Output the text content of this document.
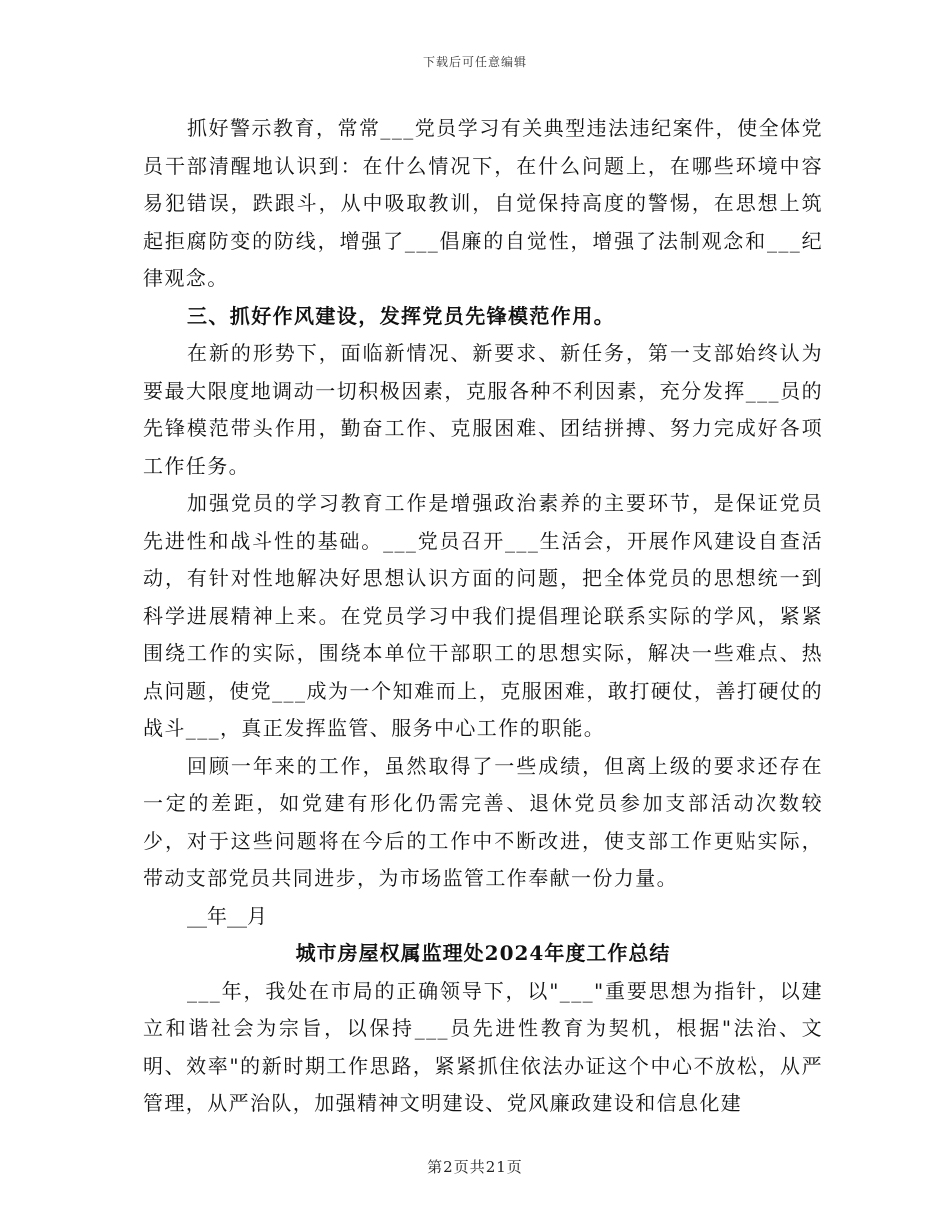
下载后可任意编辑

抓好警示教育，常常___党员学习有关典型违法违纪案件，使全体党员干部清醒地认识到：在什么情况下，在什么问题上，在哪些环境中容易犯错误，跌跟斗，从中吸取教训，自觉保持高度的警惕，在思想上筑起拒腐防变的防线，增强了___倡廉的自觉性，增强了法制观念和___纪律观念。

三、抓好作风建设，发挥党员先锋模范作用。

在新的形势下，面临新情况、新要求、新任务，第一支部始终认为要最大限度地调动一切积极因素，克服各种不利因素，充分发挥___员的先锋模范带头作用，勤奋工作、克服困难、团结拼搏、努力完成好各项工作任务。

加强党员的学习教育工作是增强政治素养的主要环节，是保证党员先进性和战斗性的基础。___党员召开___生活会，开展作风建设自查活动，有针对性地解决好思想认识方面的问题，把全体党员的思想统一到科学进展精神上来。在党员学习中我们提倡理论联系实际的学风，紧紧围绕工作的实际，围绕本单位干部职工的思想实际，解决一些难点、热点问题，使党___成为一个知难而上，克服困难，敢打硬仗，善打硬仗的战斗___，真正发挥监管、服务中心工作的职能。

回顾一年来的工作，虽然取得了一些成绩，但离上级的要求还存在一定的差距，如党建有形化仍需完善、退休党员参加支部活动次数较少，对于这些问题将在今后的工作中不断改进，使支部工作更贴实际，带动支部党员共同进步，为市场监管工作奉献一份力量。

__年__月

城市房屋权属监理处2024年度工作总结

___年，我处在市局的正确领导下，以"___"重要思想为指针，以建立和谐社会为宗旨，以保持___员先进性教育为契机，根据"法治、文明、效率"的新时期工作思路，紧紧抓住依法办证这个中心不放松，从严管理，从严治队，加强精神文明建设、党风廉政建设和信息化建

第2页共21页
